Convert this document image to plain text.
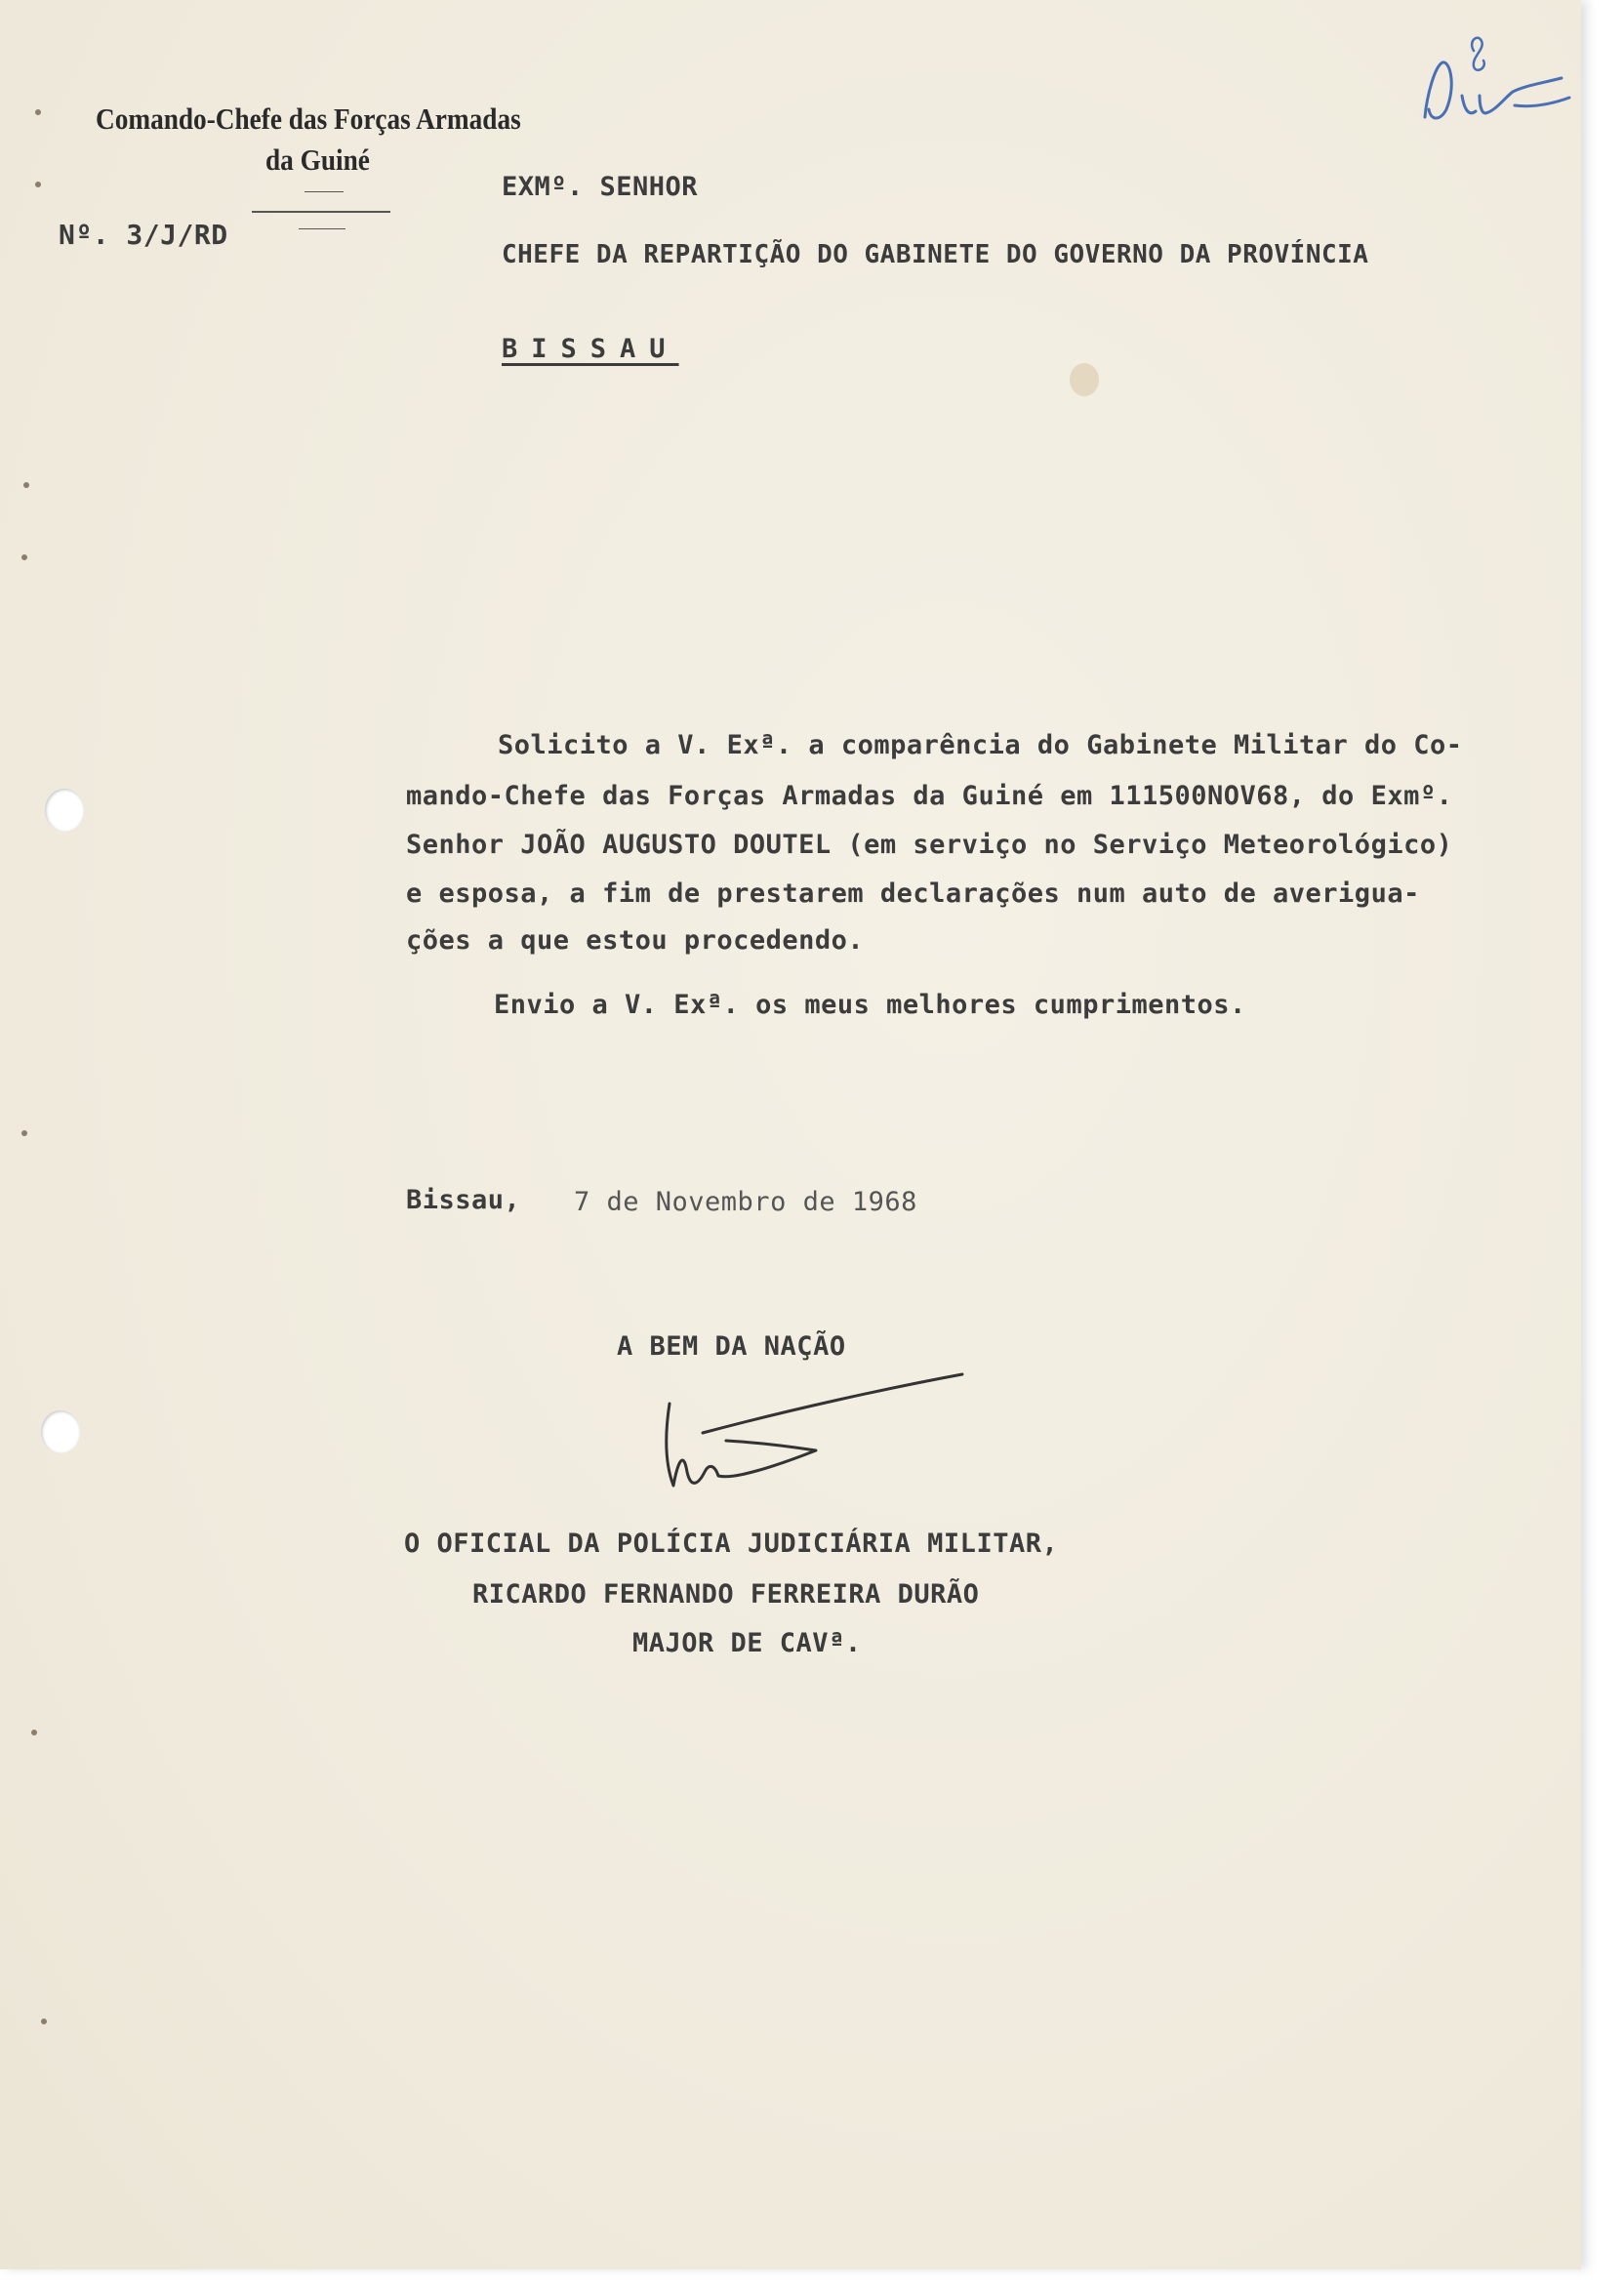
Comando-Chefe das Forças Armadas
da Guiné
Nº. 3/J/RD
EXMº. SENHOR
CHEFE DA REPARTIÇÃO DO GABINETE DO GOVERNO DA PROVÍNCIA
BISSAU
Solicito a V. Exª. a comparência do Gabinete Militar do Co-
mando-Chefe das Forças Armadas da Guiné em 111500NOV68, do Exmº.
Senhor JOÃO AUGUSTO DOUTEL (em serviço no Serviço Meteorológico)
e esposa, a fim de prestarem declarações num auto de averigua-
ções a que estou procedendo.
Envio a V. Exª. os meus melhores cumprimentos.
Bissau, 7 de Novembro de 1968
A BEM DA NAÇÃO
O OFICIAL DA POLÍCIA JUDICIÁRIA MILITAR,
RICARDO FERNANDO FERREIRA DURÃO
MAJOR DE CAVª.
